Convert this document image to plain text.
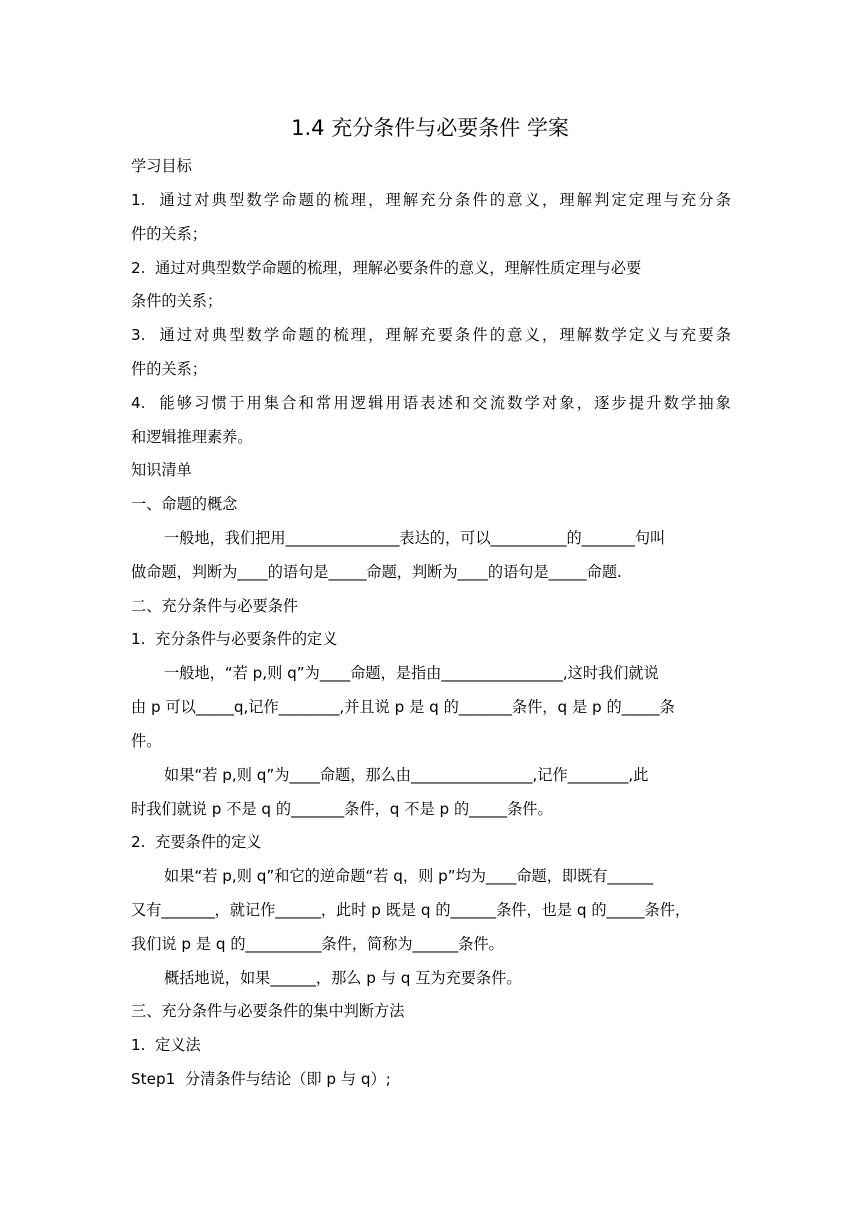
1.4 充分条件与必要条件 学案
学习目标
1.  通过对典型数学命题的梳理，理解充分条件的意义，理解判定定理与充分条
件的关系；
2.  通过对典型数学命题的梳理，理解必要条件的意义，理解性质定理与必要
条件的关系；
3.  通过对典型数学命题的梳理，理解充要条件的意义，理解数学定义与充要条
件的关系；
4.  能够习惯于用集合和常用逻辑用语表述和交流数学对象，逐步提升数学抽象
和逻辑推理素养。
知识清单
一、命题的概念
一般地，我们把用_______________表达的，可以__________的_______句叫
做命题，判断为____的语句是_____命题，判断为____的语句是_____命题.
二、充分条件与必要条件
1.  充分条件与必要条件的定义
一般地，“若 p,则 q”为____命题，是指由________________,这时我们就说
由 p 可以_____q,记作________,并且说 p 是 q 的_______条件，q 是 p 的_____条
件。
如果“若 p,则 q”为____命题，那么由________________,记作________,此
时我们就说 p 不是 q 的_______条件，q 不是 p 的_____条件。
2.  充要条件的定义
如果“若 p,则 q”和它的逆命题“若 q，则 p”均为____命题，即既有______
又有_______，就记作______，此时 p 既是 q 的______条件，也是 q 的_____条件，
我们说 p 是 q 的__________条件，简称为______条件。
概括地说，如果______，那么 p 与 q 互为充要条件。
三、充分条件与必要条件的集中判断方法
1.  定义法
Step1  分清条件与结论（即 p 与 q）;
